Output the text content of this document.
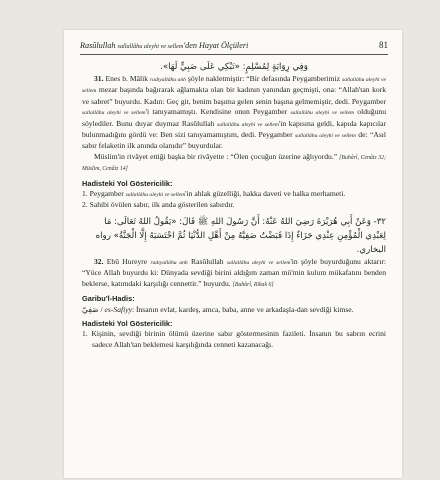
Rasûlullah sallallâhu aleyhi ve sellem'den Hayat Ölçüleri	81
وَفِي رِوَايَةٍ لِمُسْلِمٍ: «تَبْكِي عَلَى صَبِيٍّ لَهَا».

31. Enes b. Mâlik radıyallâhu anh şöyle nakletmiştir: “Bir defasında Peygamberimiz sallallâhu aleyhi ve sellem mezar başında bağırarak ağlamakta olan bir kadının yanından geçmişti, ona: “Allah'tan kork ve sabret” buyurdu. Kadın: Geç git, benim başıma gelen senin başına gelmemiştir, dedi. Peygamber sallallâhu aleyhi ve sellem'i tanıyamamıştı. Kendisine onun Peygamber sallallâhu aleyhi ve sellem olduğunu söylediler. Bunu duyar duymaz Rasûlullah sallallâhu aleyhi ve sellem'in kapısına geldi, kapıda kapıcılar bulunmadığını gördü ve: Ben sizi tanıyamamıştım, dedi. Peygamber sallallâhu aleyhi ve sellem de: “Asıl sabır felaketin ilk anında olanıdır” buyurdular.

Müslim'in rivâyet ettiği başka bir rivâyette : “Ölen çocuğun üzerine ağlıyordu.” [Buhârî, Cenâiz 32; Müslim, Cenâiz 14]

Hadisteki Yol Göstericilik:
1. Peygamber sallallâhu aleyhi ve sellem'in ahlak güzelliği, hakka daveti ve halka merhameti.
2. Sahibi övülen sabır, ilk anda gösterilen sabırdır.
٣٢- وَعَنْ أَبِي هُرَيْرَةَ رَضِيَ اللهُ عَنْهُ: أَنَّ رَسُولَ اللهِ ﷺ قَالَ: «يَقُولُ اللهُ تَعَالَى: مَا لِعَبْدِي الْمُؤْمِنِ عِنْدِي جَزَاءٌ إِذَا قَبَضْتُ صَفِيَّهُ مِنْ أَهْلِ الدُّنْيَا ثُمَّ احْتَسَبَهُ إِلَّا الْجَنَّةُ» رواه البخاري.

32. Ebû Hureyre radıyallâhu anh Rasûlullah sallallâhu aleyhi ve sellem'in şöyle buyurduğunu aktarır: “Yüce Allah buyurdu ki: Dünyada sevdiği birini aldığım zaman mü'min kulum mükafatını benden beklerse, katımdaki karşılığı cennettir.” buyurdu. [Buhârî, Rikak 6]

Garibu'l-Hadis:
صَفِيّ / es-Safiyy: İnsanın evlat, kardeş, amca, baba, anne ve arkadaşla-dan sevdiği kimse.
Hadisteki Yol Göstericilik:
1. Kişinin, sevdiği birinin ölümü üzerine sabır göstermesinin fazileti. İnsanın bu sabrın ecrini sadece Allah'tan beklemesi karşılığında cenneti kazanacağı.
